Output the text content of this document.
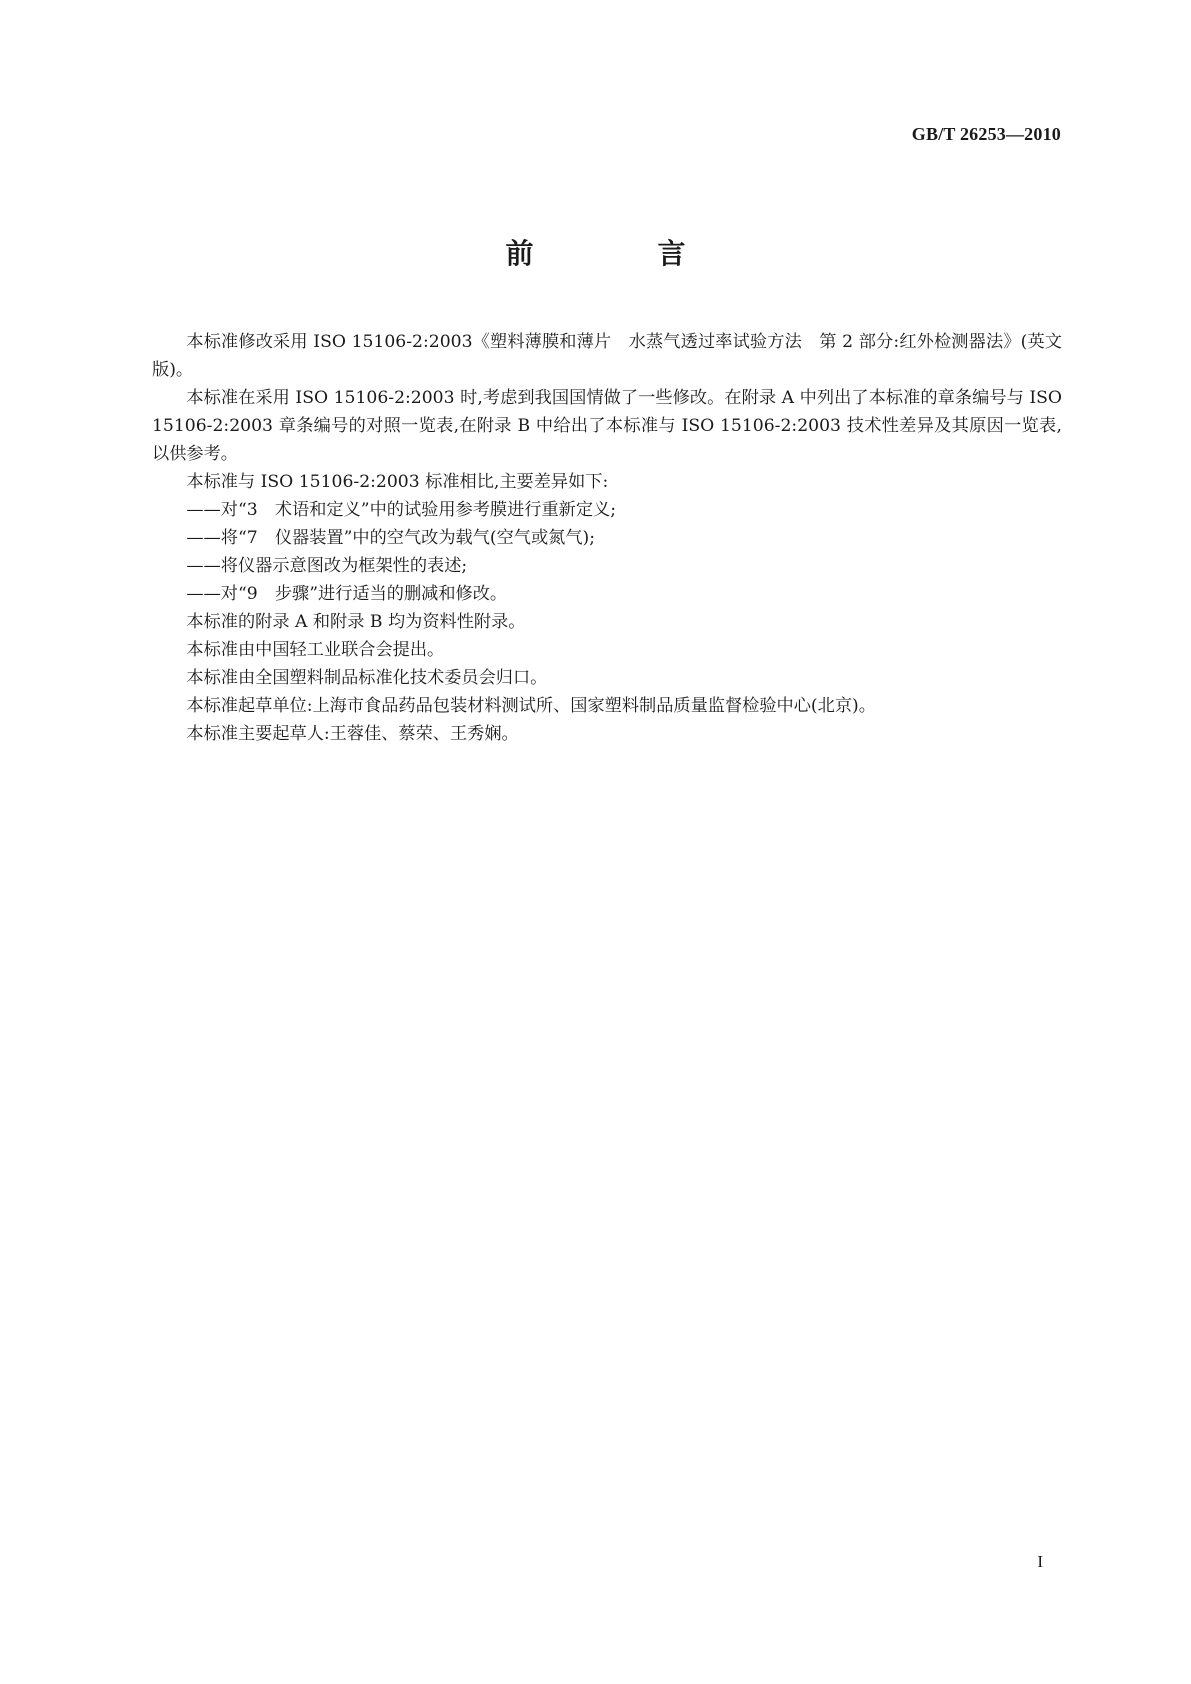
GB/T 26253—2010
前　言

本标准修改采用 ISO 15106-2:2003《塑料薄膜和薄片　水蒸气透过率试验方法　第 2 部分:红外检测器法》(英文版)。

本标准在采用 ISO 15106-2:2003 时,考虑到我国国情做了一些修改。在附录 A 中列出了本标准的章条编号与 ISO 15106-2:2003 章条编号的对照一览表,在附录 B 中给出了本标准与 ISO 15106-2:2003 技术性差异及其原因一览表,以供参考。

本标准与 ISO 15106-2:2003 标准相比,主要差异如下:

——对“3　术语和定义”中的试验用参考膜进行重新定义;

——将“7　仪器装置”中的空气改为载气(空气或氮气);

——将仪器示意图改为框架性的表述;

——对“9　步骤”进行适当的删减和修改。

本标准的附录 A 和附录 B 均为资料性附录。

本标准由中国轻工业联合会提出。

本标准由全国塑料制品标准化技术委员会归口。

本标准起草单位:上海市食品药品包装材料测试所、国家塑料制品质量监督检验中心(北京)。

本标准主要起草人:王蓉佳、蔡荣、王秀娴。

I
